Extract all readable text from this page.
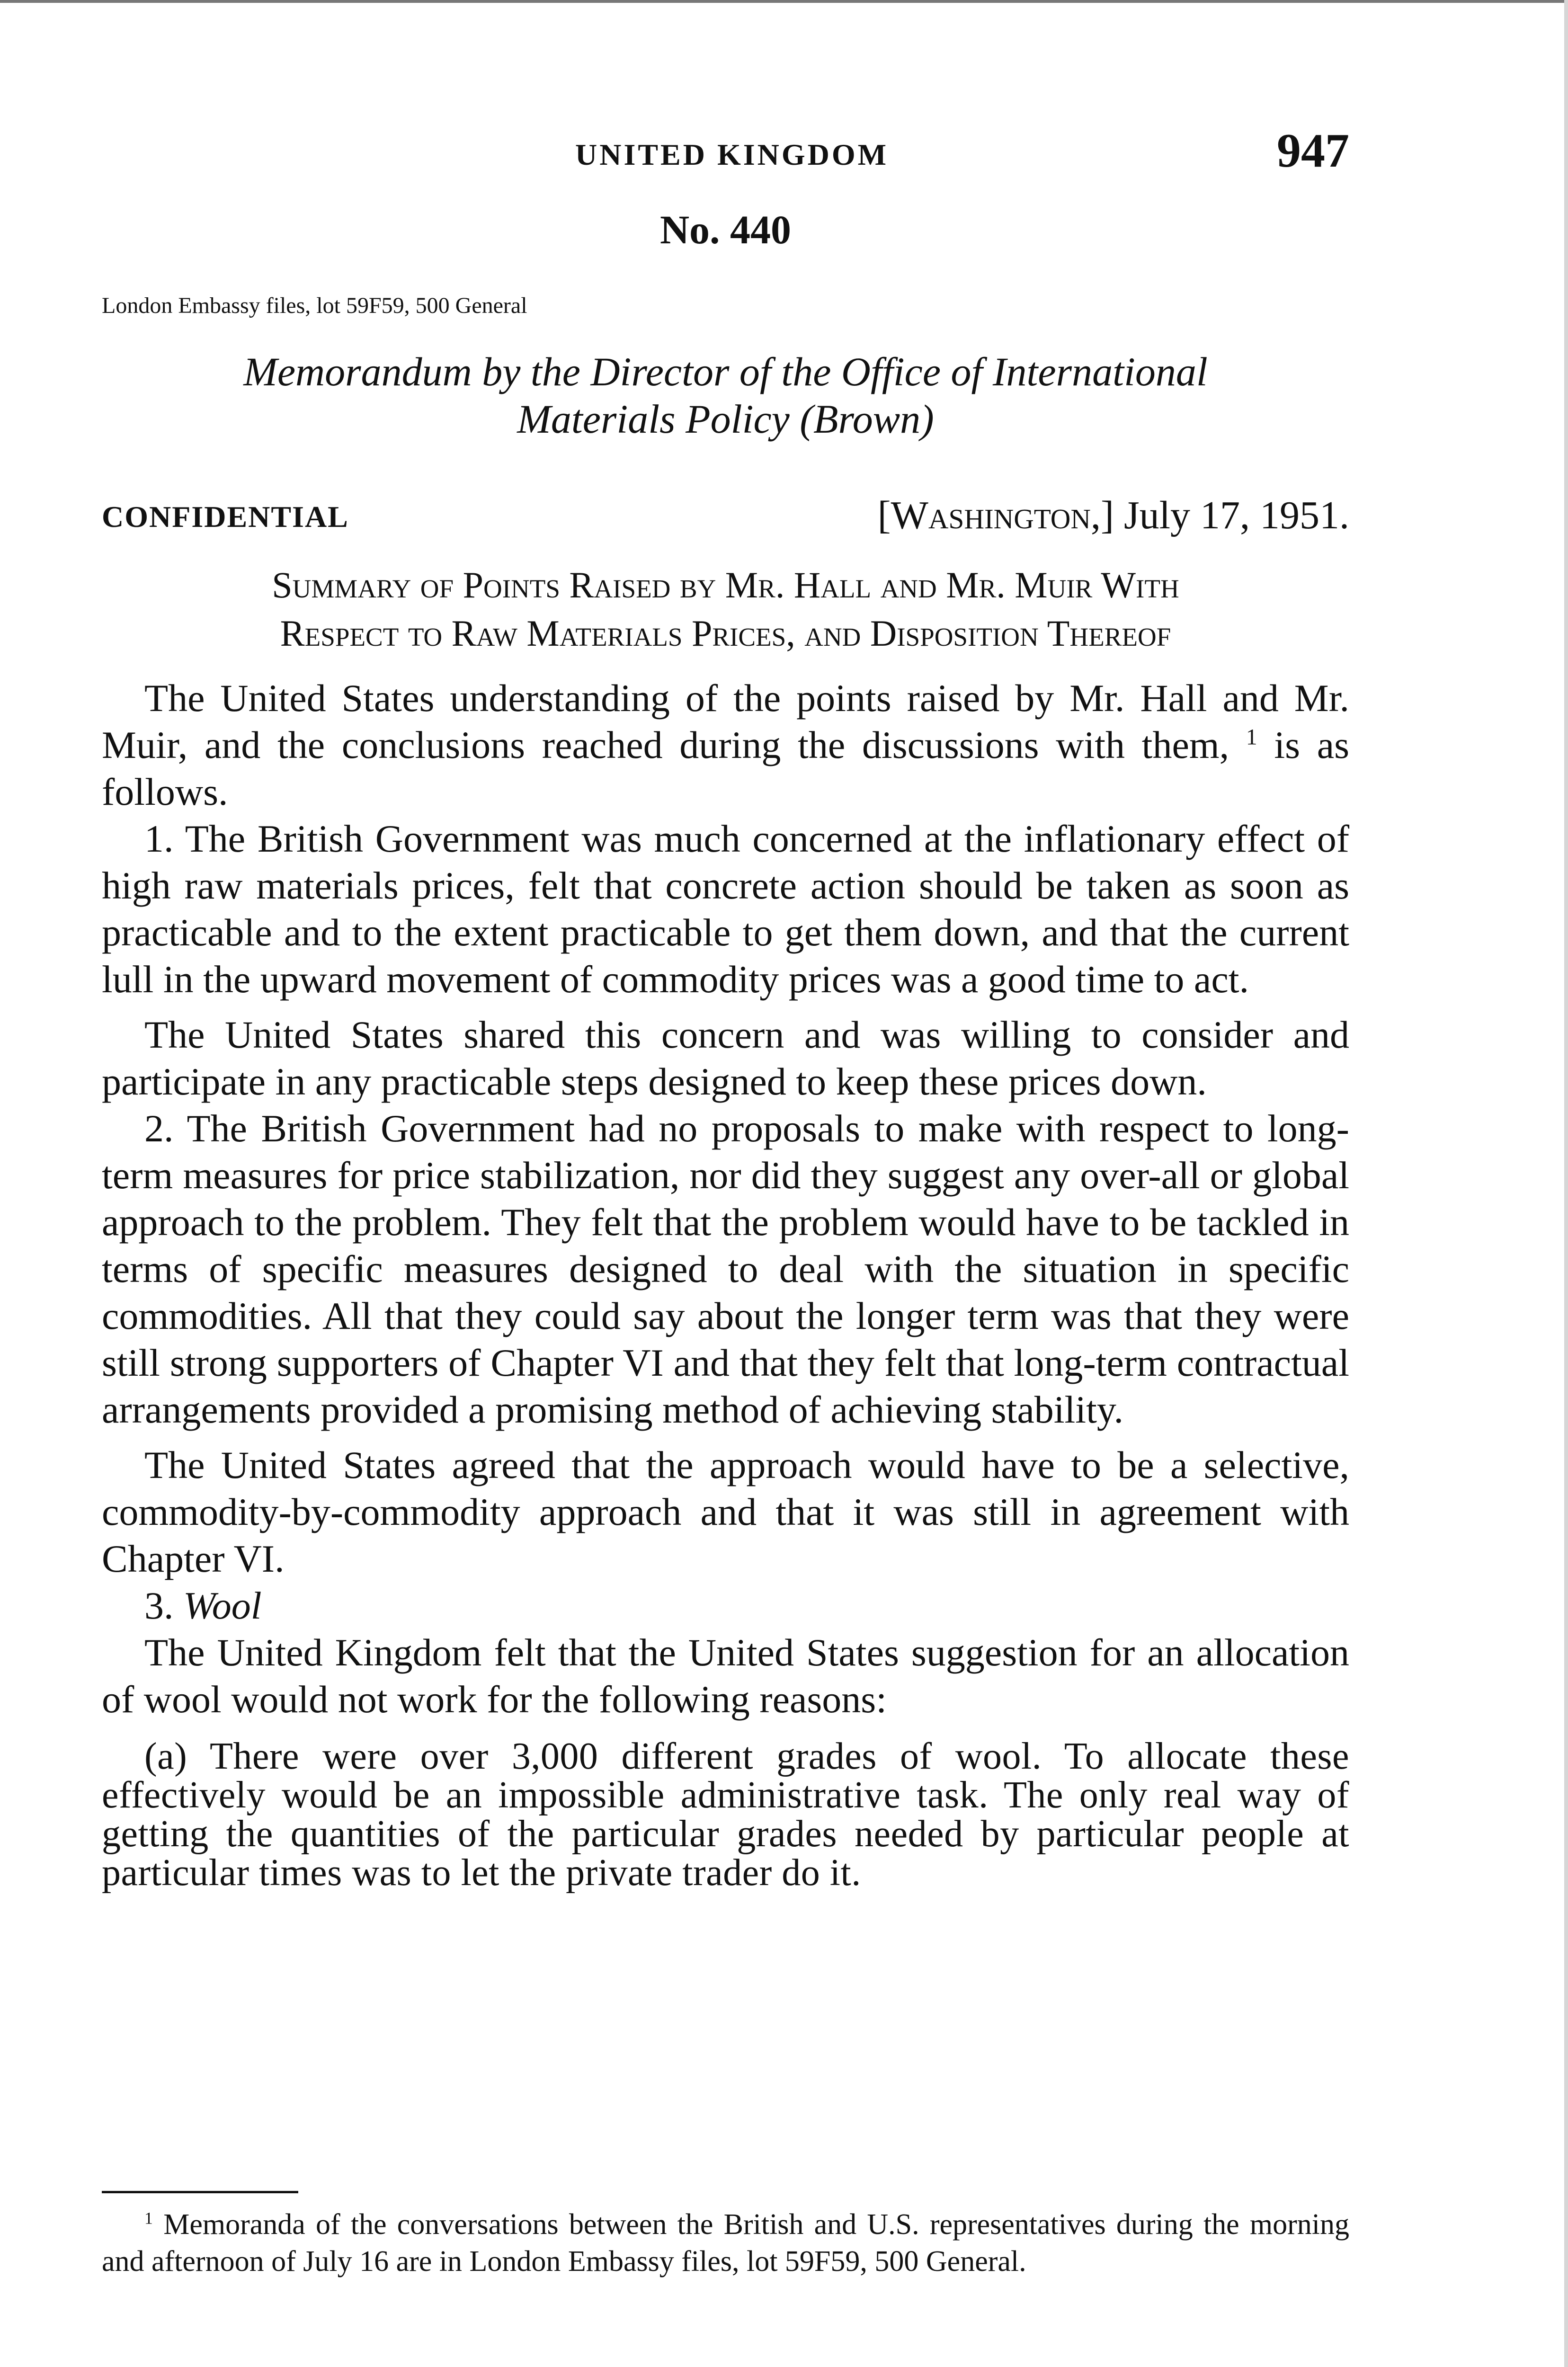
UNITED KINGDOM	947
No. 440
London Embassy files, lot 59F59, 500 General
Memorandum by the Director of the Office of International
Materials Policy (Brown)
CONFIDENTIAL	[Washington,] July 17, 1951.
Summary of Points Raised by Mr. Hall and Mr. Muir With
Respect to Raw Materials Prices, and Disposition Thereof

The United States understanding of the points raised by Mr. Hall and Mr. Muir, and the conclusions reached during the discussions with them, $^1$ is as follows.

1. The British Government was much concerned at the inflationary effect of high raw materials prices, felt that concrete action should be taken as soon as practicable and to the extent practicable to get them down, and that the current lull in the upward movement of commodity prices was a good time to act.

The United States shared this concern and was willing to consider and participate in any practicable steps designed to keep these prices down.

2. The British Government had no proposals to make with respect to long-term measures for price stabilization, nor did they suggest any over-all or global approach to the problem. They felt that the problem would have to be tackled in terms of specific measures designed to deal with the situation in specific commodities. All that they could say about the longer term was that they were still strong supporters of Chapter VI and that they felt that long-term contractual arrangements provided a promising method of achieving stability.

The United States agreed that the approach would have to be a selective, commodity-by-commodity approach and that it was still in agreement with Chapter VI.

3. Wool

The United Kingdom felt that the United States suggestion for an allocation of wool would not work for the following reasons:

(a) There were over 3,000 different grades of wool. To allocate these effectively would be an impossible administrative task. The only real way of getting the quantities of the particular grades needed by particular people at particular times was to let the private trader do it.

$^1$ Memoranda of the conversations between the British and U.S. representatives during the morning and afternoon of July 16 are in London Embassy files, lot 59F59, 500 General.
